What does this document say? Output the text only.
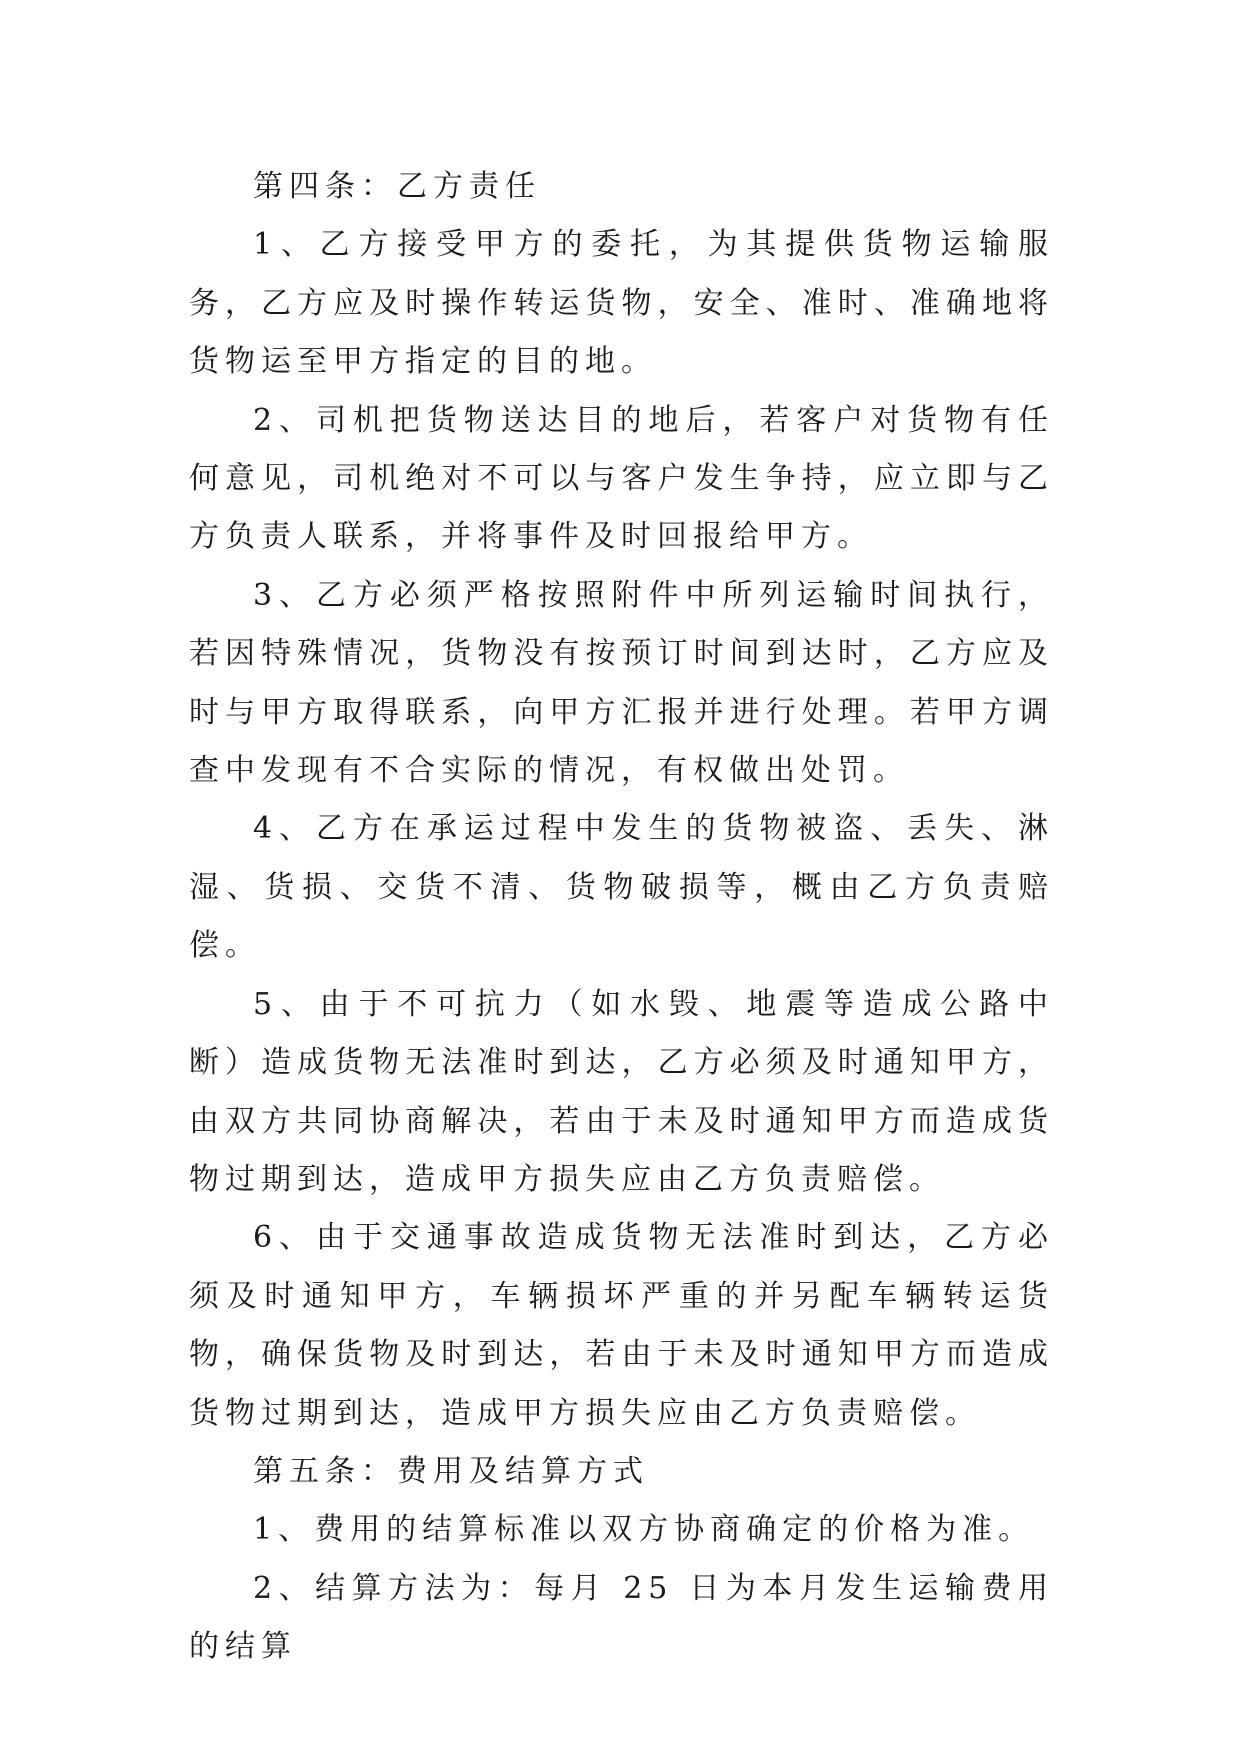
第四条：乙方责任

1、乙方接受甲方的委托，为其提供货物运输服务，乙方应及时操作转运货物，安全、准时、准确地将货物运至甲方指定的目的地。

2、司机把货物送达目的地后，若客户对货物有任何意见，司机绝对不可以与客户发生争持，应立即与乙方负责人联系，并将事件及时回报给甲方。

3、乙方必须严格按照附件中所列运输时间执行，若因特殊情况，货物没有按预订时间到达时，乙方应及时与甲方取得联系，向甲方汇报并进行处理。若甲方调查中发现有不合实际的情况，有权做出处罚。

4、乙方在承运过程中发生的货物被盗、丢失、淋湿、货损、交货不清、货物破损等，概由乙方负责赔偿。

5、由于不可抗力（如水毁、地震等造成公路中断）造成货物无法准时到达，乙方必须及时通知甲方，由双方共同协商解决，若由于未及时通知甲方而造成货物过期到达，造成甲方损失应由乙方负责赔偿。

6、由于交通事故造成货物无法准时到达，乙方必须及时通知甲方，车辆损坏严重的并另配车辆转运货物，确保货物及时到达，若由于未及时通知甲方而造成货物过期到达，造成甲方损失应由乙方负责赔偿。

第五条：费用及结算方式

1、费用的结算标准以双方协商确定的价格为准。

2、结算方法为：每月 25 日为本月发生运输费用的结算
